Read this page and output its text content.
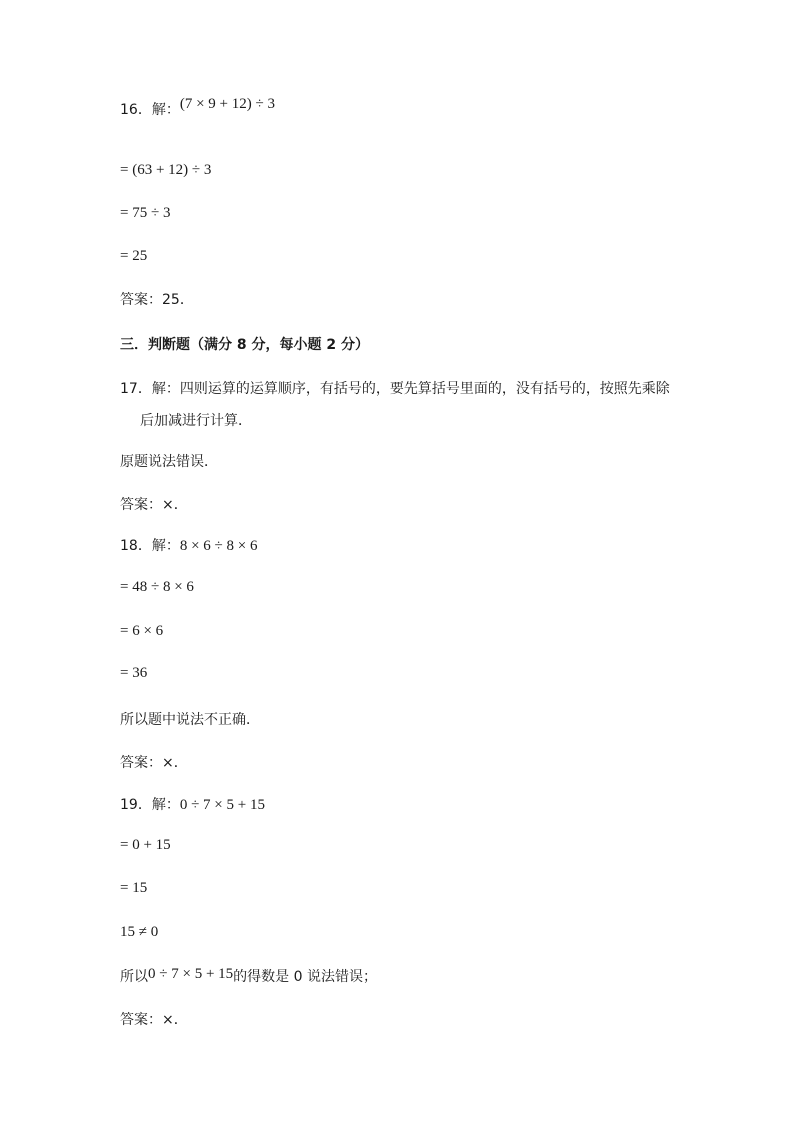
16．解：(7 × 9 + 12) ÷ 3
= (63 + 12) ÷ 3
= 75 ÷ 3
= 25
答案：25．
三．判断题（满分 8 分，每小题 2 分）
17．解：四则运算的运算顺序，有括号的，要先算括号里面的，没有括号的，按照先乘除
后加减进行计算．
原题说法错误．
答案：×．
18．解：8 × 6 ÷ 8 × 6
= 48 ÷ 8 × 6
= 6 × 6
= 36
所以题中说法不正确．
答案：×．
19．解：0 ÷ 7 × 5 + 15
= 0 + 15
= 15
15 ≠ 0
所以0 ÷ 7 × 5 + 15的得数是 0 说法错误；
答案：×．
